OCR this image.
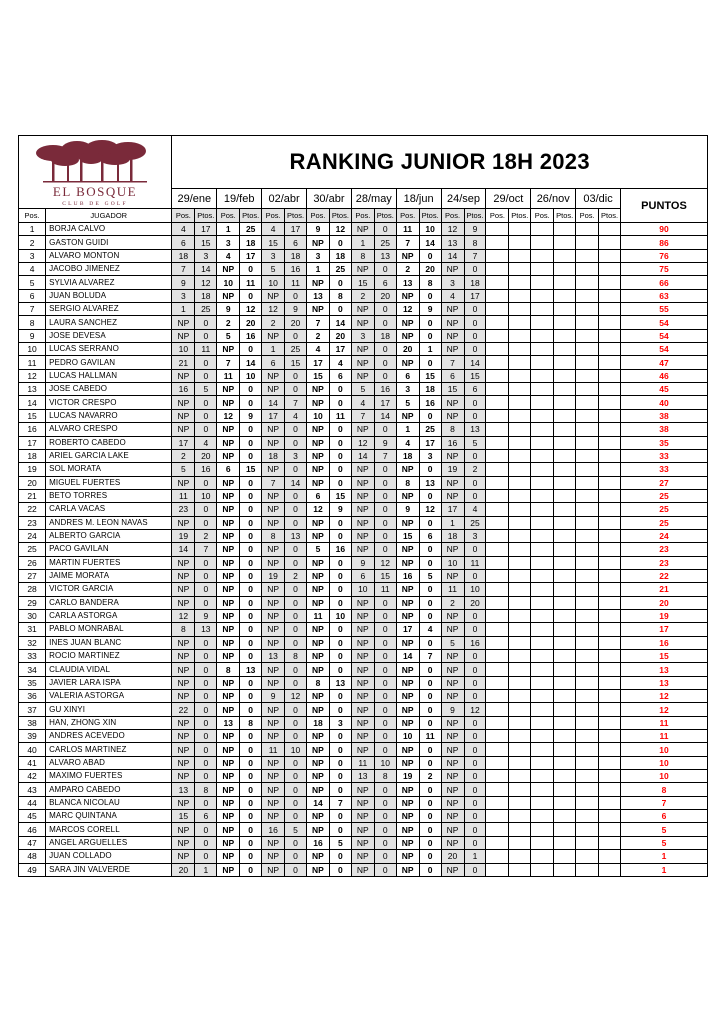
EL BOSQUE
CLUB DE GOLF		RANKING JUNIOR 18H 2023																				
		29/ene		19/feb		02/abr		30/abr		28/may		18/jun		24/sep		29/oct		26/nov		03/dic		PUNTOS
Pos.	JUGADOR	Pos.	Ptos.	Pos.	Ptos.	Pos.	Ptos.	Pos.	Ptos.	Pos.	Ptos.	Pos.	Ptos.	Pos.	Ptos.	Pos.	Ptos.	Pos.	Ptos.	Pos.	Ptos.	
1	BORJA CALVO	4	17	1	25	4	17	9	12	NP	0	11	10	12	9							90
2	GASTON GUIDI	6	15	3	18	15	6	NP	0	1	25	7	14	13	8							86
3	ALVARO MONTON	18	3	4	17	3	18	3	18	8	13	NP	0	14	7							76
4	JACOBO JIMENEZ	7	14	NP	0	5	16	1	25	NP	0	2	20	NP	0							75
5	SYLVIA ALVAREZ	9	12	10	11	10	11	NP	0	15	6	13	8	3	18							66
6	JUAN BOLUDA	3	18	NP	0	NP	0	13	8	2	20	NP	0	4	17							63
7	SERGIO ALVAREZ	1	25	9	12	12	9	NP	0	NP	0	12	9	NP	0							55
8	LAURA SANCHEZ	NP	0	2	20	2	20	7	14	NP	0	NP	0	NP	0							54
9	JOSE DEVESA	NP	0	5	16	NP	0	2	20	3	18	NP	0	NP	0							54
10	LUCAS SERRANO	10	11	NP	0	1	25	4	17	NP	0	20	1	NP	0							54
11	PEDRO GAVILAN	21	0	7	14	6	15	17	4	NP	0	NP	0	7	14							47
12	LUCAS HALLMAN	NP	0	11	10	NP	0	15	6	NP	0	6	15	6	15							46
13	JOSE CABEDO	16	5	NP	0	NP	0	NP	0	5	16	3	18	15	6							45
14	VICTOR CRESPO	NP	0	NP	0	14	7	NP	0	4	17	5	16	NP	0							40
15	LUCAS NAVARRO	NP	0	12	9	17	4	10	11	7	14	NP	0	NP	0							38
16	ALVARO CRESPO	NP	0	NP	0	NP	0	NP	0	NP	0	1	25	8	13							38
17	ROBERTO CABEDO	17	4	NP	0	NP	0	NP	0	12	9	4	17	16	5							35
18	ARIEL GARCIA LAKE	2	20	NP	0	18	3	NP	0	14	7	18	3	NP	0							33
19	SOL MORATA	5	16	6	15	NP	0	NP	0	NP	0	NP	0	19	2							33
20	MIGUEL FUERTES	NP	0	NP	0	7	14	NP	0	NP	0	8	13	NP	0							27
21	BETO TORRES	11	10	NP	0	NP	0	6	15	NP	0	NP	0	NP	0							25
22	CARLA VACAS	23	0	NP	0	NP	0	12	9	NP	0	9	12	17	4							25
23	ANDRES M. LEON NAVAS	NP	0	NP	0	NP	0	NP	0	NP	0	NP	0	1	25							25
24	ALBERTO GARCIA	19	2	NP	0	8	13	NP	0	NP	0	15	6	18	3							24
25	PACO GAVILAN	14	7	NP	0	NP	0	5	16	NP	0	NP	0	NP	0							23
26	MARTIN FUERTES	NP	0	NP	0	NP	0	NP	0	9	12	NP	0	10	11							23
27	JAIME MORATA	NP	0	NP	0	19	2	NP	0	6	15	16	5	NP	0							22
28	VICTOR GARCIA	NP	0	NP	0	NP	0	NP	0	10	11	NP	0	11	10							21
29	CARLO BANDERA	NP	0	NP	0	NP	0	NP	0	NP	0	NP	0	2	20							20
30	CARLA ASTORGA	12	9	NP	0	NP	0	11	10	NP	0	NP	0	NP	0							19
31	PABLO MONRABAL	8	13	NP	0	NP	0	NP	0	NP	0	17	4	NP	0							17
32	INES JUAN BLANC	NP	0	NP	0	NP	0	NP	0	NP	0	NP	0	5	16							16
33	ROCIO MARTINEZ	NP	0	NP	0	13	8	NP	0	NP	0	14	7	NP	0							15
34	CLAUDIA VIDAL	NP	0	8	13	NP	0	NP	0	NP	0	NP	0	NP	0							13
35	JAVIER LARA ISPA	NP	0	NP	0	NP	0	8	13	NP	0	NP	0	NP	0							13
36	VALERIA ASTORGA	NP	0	NP	0	9	12	NP	0	NP	0	NP	0	NP	0							12
37	GU XINYI	22	0	NP	0	NP	0	NP	0	NP	0	NP	0	9	12							12
38	HAN, ZHONG XIN	NP	0	13	8	NP	0	18	3	NP	0	NP	0	NP	0							11
39	ANDRES ACEVEDO	NP	0	NP	0	NP	0	NP	0	NP	0	10	11	NP	0							11
40	CARLOS MARTINEZ	NP	0	NP	0	11	10	NP	0	NP	0	NP	0	NP	0							10
41	ALVARO ABAD	NP	0	NP	0	NP	0	NP	0	11	10	NP	0	NP	0							10
42	MAXIMO FUERTES	NP	0	NP	0	NP	0	NP	0	13	8	19	2	NP	0							10
43	AMPARO CABEDO	13	8	NP	0	NP	0	NP	0	NP	0	NP	0	NP	0							8
44	BLANCA NICOLAU	NP	0	NP	0	NP	0	14	7	NP	0	NP	0	NP	0							7
45	MARC QUINTANA	15	6	NP	0	NP	0	NP	0	NP	0	NP	0	NP	0							6
46	MARCOS CORELL	NP	0	NP	0	16	5	NP	0	NP	0	NP	0	NP	0							5
47	ANGEL ARGUELLES	NP	0	NP	0	NP	0	16	5	NP	0	NP	0	NP	0							5
48	JUAN COLLADO	NP	0	NP	0	NP	0	NP	0	NP	0	NP	0	20	1							1
49	SARA JIN VALVERDE	20	1	NP	0	NP	0	NP	0	NP	0	NP	0	NP	0							1
